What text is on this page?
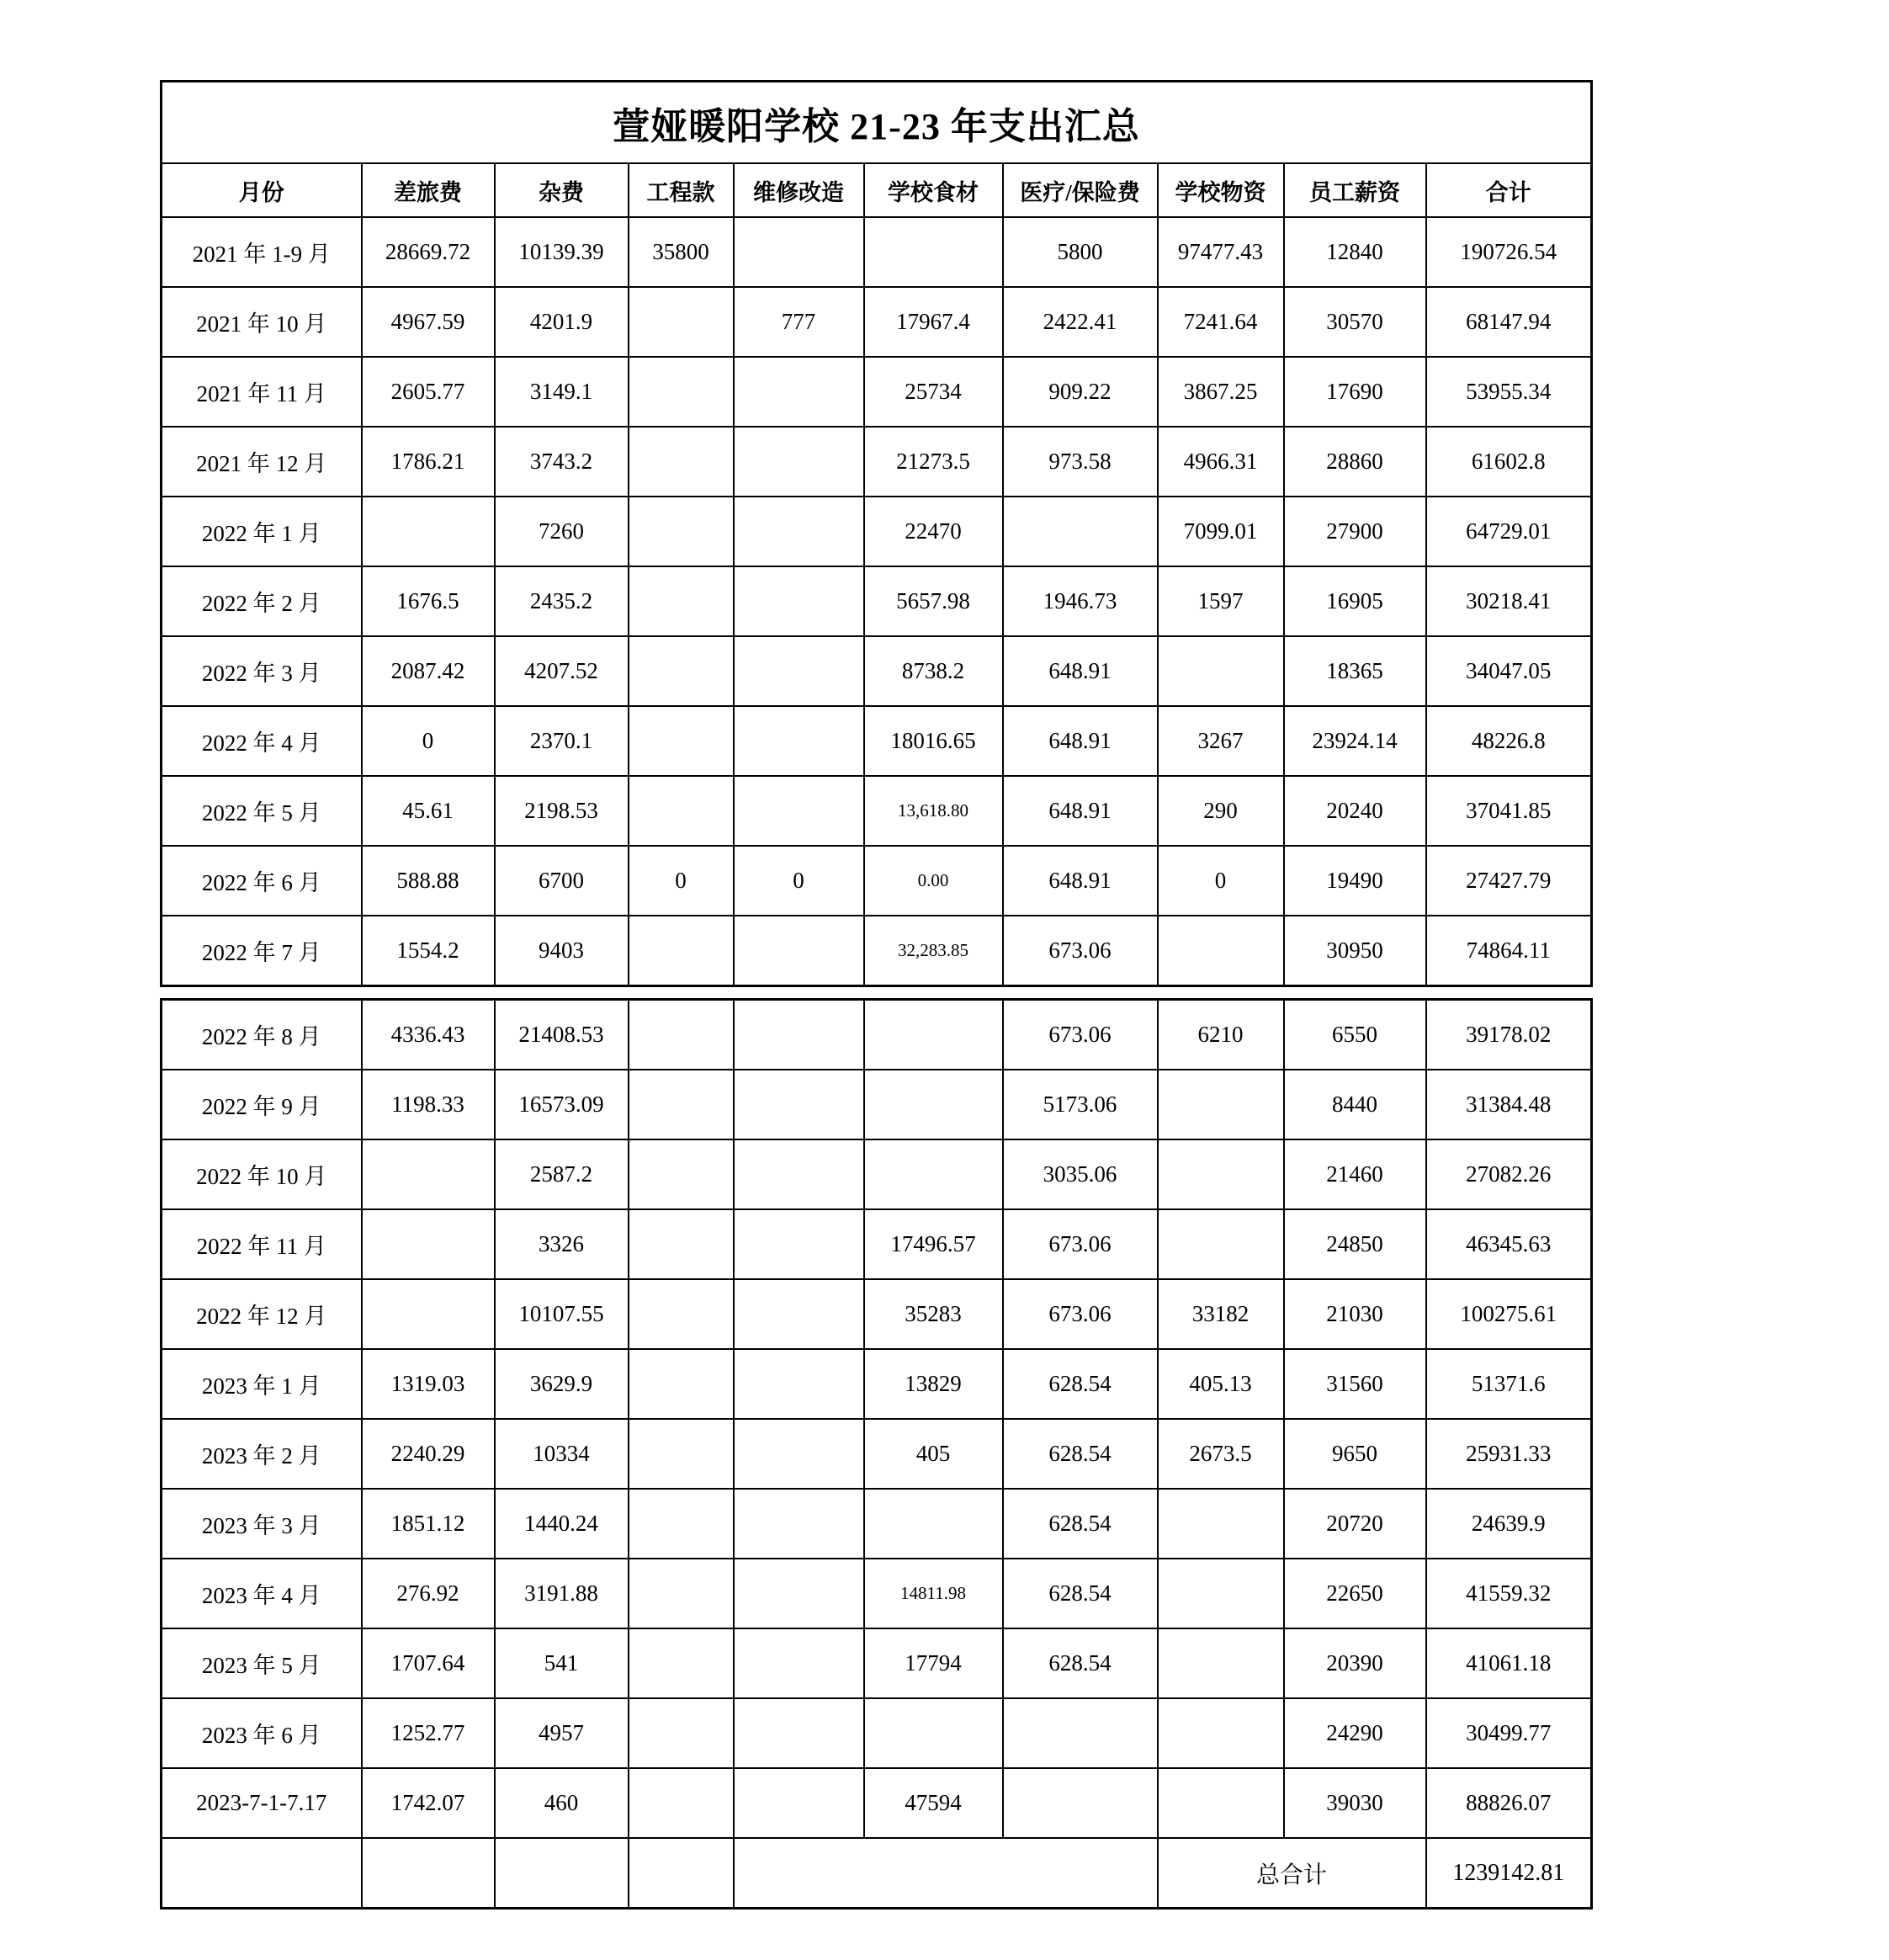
萱娅暖阳学校 21-23 年支出汇总									
月份	差旅费	杂费	工程款	维修改造	学校食材	医疗/保险费	学校物资	员工薪资	合计
2021 年 1-9 月	28669.72	10139.39	35800			5800	97477.43	12840	190726.54
2021 年 10 月	4967.59	4201.9		777	17967.4	2422.41	7241.64	30570	68147.94
2021 年 11 月	2605.77	3149.1			25734	909.22	3867.25	17690	53955.34
2021 年 12 月	1786.21	3743.2			21273.5	973.58	4966.31	28860	61602.8
2022 年 1 月		7260			22470		7099.01	27900	64729.01
2022 年 2 月	1676.5	2435.2			5657.98	1946.73	1597	16905	30218.41
2022 年 3 月	2087.42	4207.52			8738.2	648.91		18365	34047.05
2022 年 4 月	0	2370.1			18016.65	648.91	3267	23924.14	48226.8
2022 年 5 月	45.61	2198.53			13,618.80	648.91	290	20240	37041.85
2022 年 6 月	588.88	6700	0	0	0.00	648.91	0	19490	27427.79
2022 年 7 月	1554.2	9403			32,283.85	673.06		30950	74864.11
2022 年 8 月	4336.43	21408.53				673.06	6210	6550	39178.02
2022 年 9 月	1198.33	16573.09				5173.06		8440	31384.48
2022 年 10 月		2587.2				3035.06		21460	27082.26
2022 年 11 月		3326			17496.57	673.06		24850	46345.63
2022 年 12 月		10107.55			35283	673.06	33182	21030	100275.61
2023 年 1 月	1319.03	3629.9			13829	628.54	405.13	31560	51371.6
2023 年 2 月	2240.29	10334			405	628.54	2673.5	9650	25931.33
2023 年 3 月	1851.12	1440.24				628.54		20720	24639.9
2023 年 4 月	276.92	3191.88			14811.98	628.54		22650	41559.32
2023 年 5 月	1707.64	541			17794	628.54		20390	41061.18
2023 年 6 月	1252.77	4957						24290	30499.77
2023-7-1-7.17	1742.07	460			47594			39030	88826.07
							总合计		1239142.81
